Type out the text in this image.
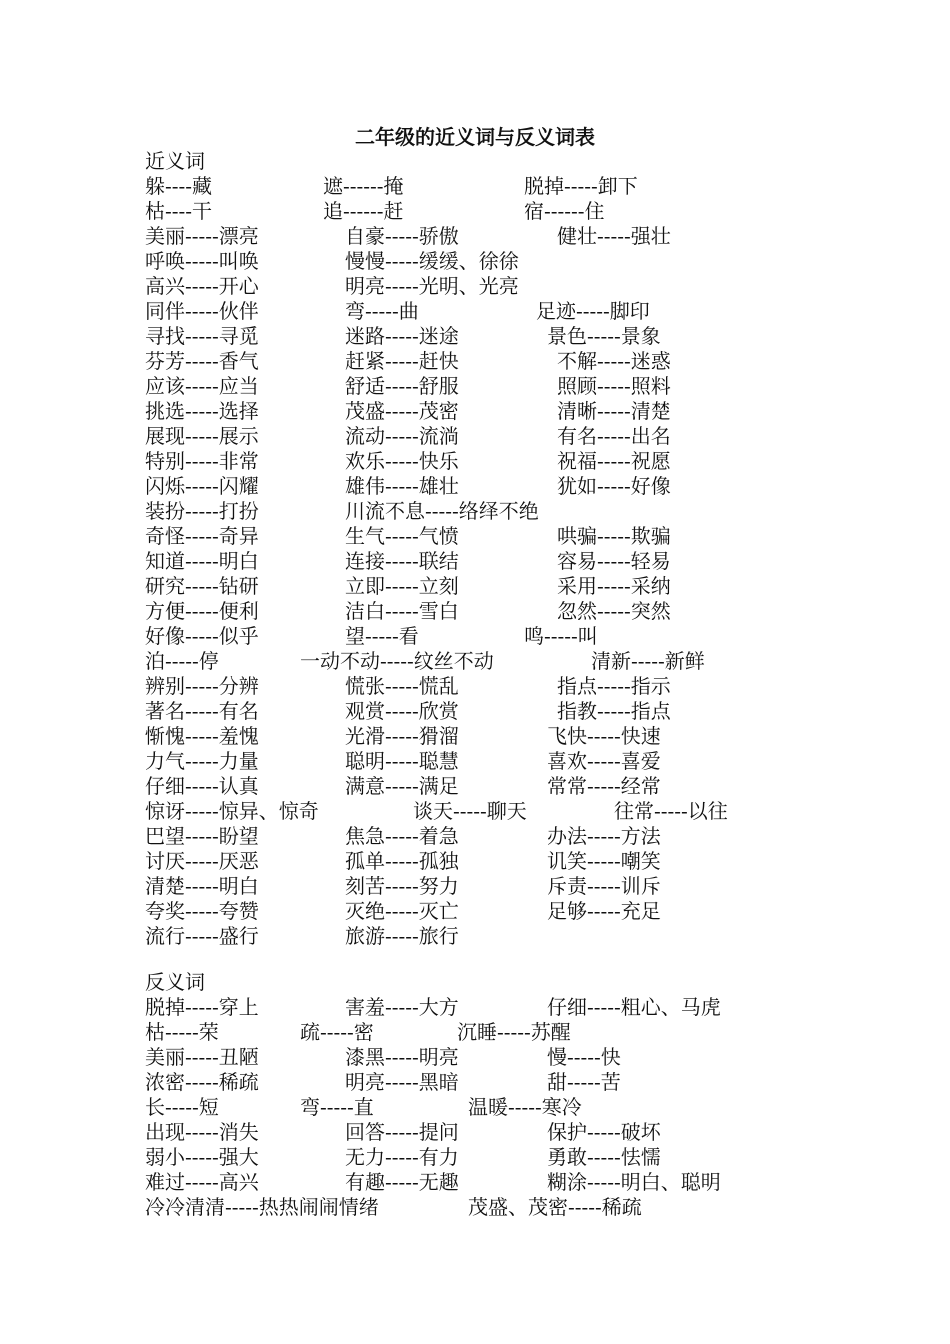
二年级的近义词与反义词表
近义词
躲----藏	遮------掩	脱掉-----卸下
枯----干	追------赶	宿------住
美丽-----漂亮	自豪-----骄傲	健壮-----强壮
呼唤-----叫唤	慢慢-----缓缓、徐徐
高兴-----开心	明亮-----光明、光亮
同伴-----伙伴	弯-----曲	足迹-----脚印
寻找-----寻觅	迷路-----迷途	景色-----景象
芬芳-----香气	赶紧-----赶快	不解-----迷惑
应该-----应当	舒适-----舒服	照顾-----照料
挑选-----选择	茂盛-----茂密	清晰-----清楚
展现-----展示	流动-----流淌	有名-----出名
特别-----非常	欢乐-----快乐	祝福-----祝愿
闪烁-----闪耀	雄伟-----雄壮	犹如-----好像
装扮-----打扮	川流不息-----络绎不绝
奇怪-----奇异	生气-----气愤	哄骗-----欺骗
知道-----明白	连接-----联结	容易-----轻易
研究-----钻研	立即-----立刻	采用-----采纳
方便-----便利	洁白-----雪白	忽然-----突然
好像-----似乎	望-----看	鸣-----叫
泊-----停	一动不动-----纹丝不动	清新-----新鲜
辨别-----分辨	慌张-----慌乱	指点-----指示
著名-----有名	观赏-----欣赏	指教-----指点
惭愧-----羞愧	光滑-----猾溜	飞快-----快速
力气-----力量	聪明-----聪慧	喜欢-----喜爱
仔细-----认真	满意-----满足	常常-----经常
惊讶-----惊异、惊奇	谈天-----聊天	往常-----以往
巴望-----盼望	焦急-----着急	办法-----方法
讨厌-----厌恶	孤单-----孤独	讥笑-----嘲笑
清楚-----明白	刻苦-----努力	斥责-----训斥
夸奖-----夸赞	灭绝-----灭亡	足够-----充足
流行-----盛行	旅游-----旅行
反义词
脱掉-----穿上	害羞-----大方	仔细-----粗心、马虎
枯-----荣	疏-----密	沉睡-----苏醒
美丽-----丑陋	漆黑-----明亮	慢-----快
浓密-----稀疏	明亮-----黑暗	甜-----苦
长-----短	弯-----直	温暖-----寒冷
出现-----消失	回答-----提问	保护-----破坏
弱小-----强大	无力-----有力	勇敢-----怯懦
难过-----高兴	有趣-----无趣	糊涂-----明白、聪明
冷冷清清-----热热闹闹情绪	茂盛、茂密-----稀疏
